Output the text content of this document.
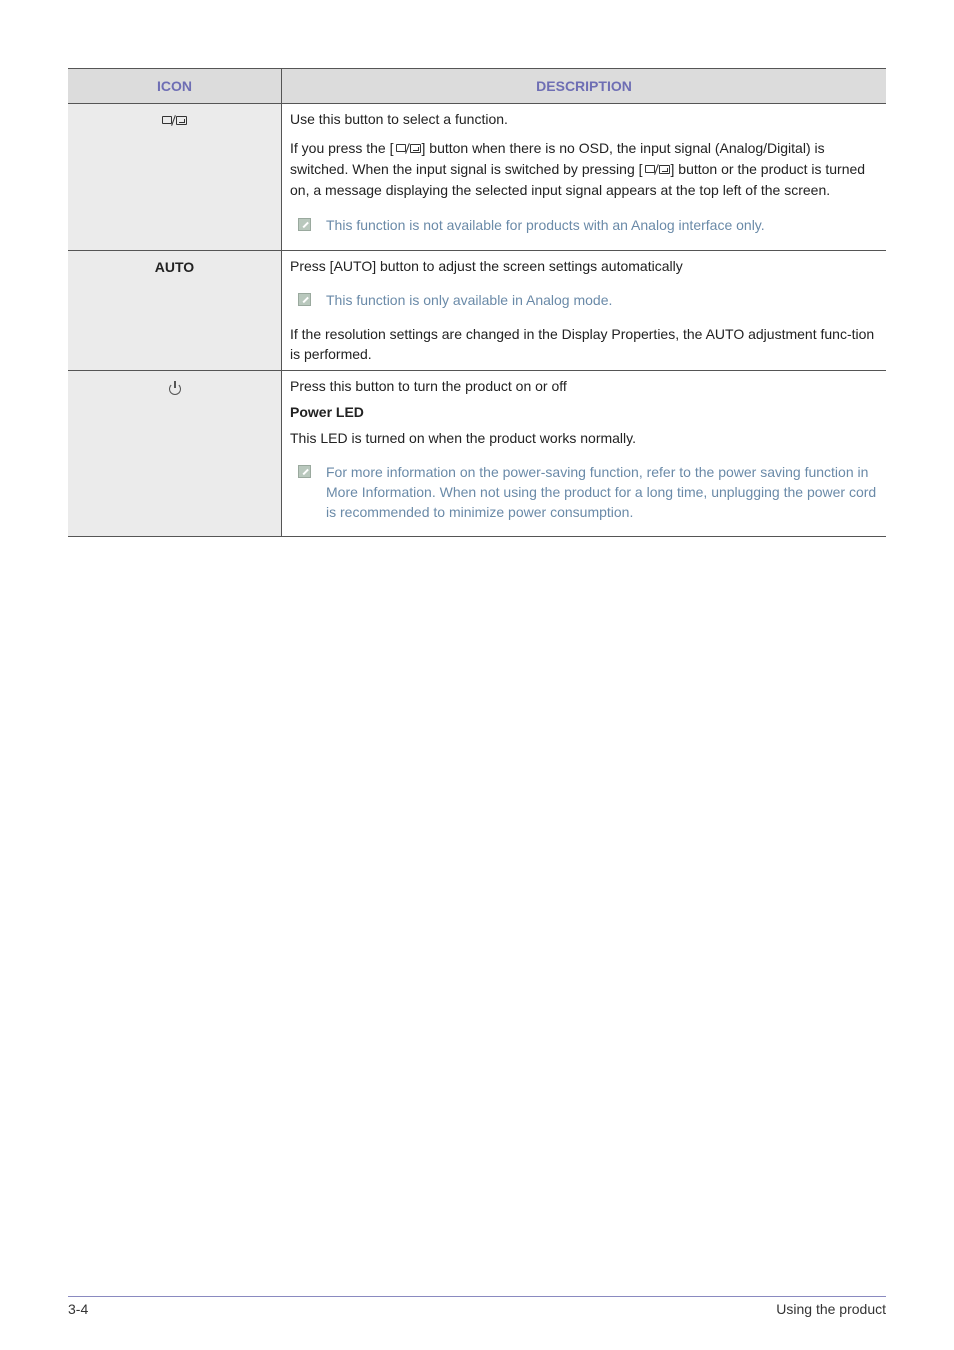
ICON	DESCRIPTION

	Use this button to select a function.

If you press the [ ] button when there is no OSD, the input signal (Analog/Digital) is switched. When the input signal is switched by pressing [ ] button or the product is turned on, a message displaying the selected input signal appears at the top left of the screen.

This function is not available for products with an Analog interface only.

AUTO	Press [AUTO] button to adjust the screen settings automatically

This function is only available in Analog mode.

If the resolution settings are changed in the Display Properties, the AUTO adjustment func-tion is performed.

	Press this button to turn the product on or off

Power LED

This LED is turned on when the product works normally.

For more information on the power-saving function, refer to the power saving function in More Information. When not using the product for a long time, unplugging the power cord is recommended to minimize power consumption.
3-4	Using the product
